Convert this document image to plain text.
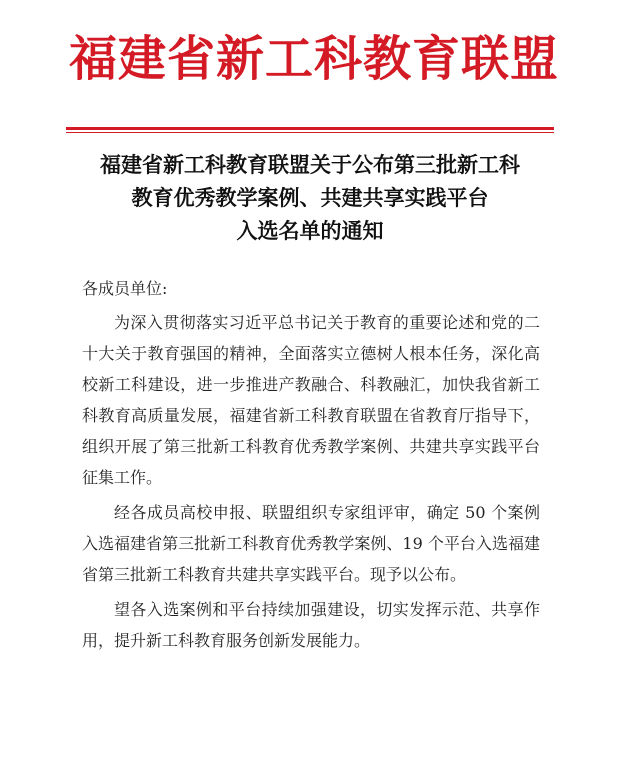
福建省新工科教育联盟
福建省新工科教育联盟关于公布第三批新工科
教育优秀教学案例、共建共享实践平台
入选名单的通知
各成员单位:

为深入贯彻落实习近平总书记关于教育的重要论述和党的二十大关于教育强国的精神，全面落实立德树人根本任务，深化高校新工科建设，进一步推进产教融合、科教融汇，加快我省新工科教育高质量发展，福建省新工科教育联盟在省教育厅指导下，组织开展了第三批新工科教育优秀教学案例、共建共享实践平台征集工作。

经各成员高校申报、联盟组织专家组评审，确定 50 个案例入选福建省第三批新工科教育优秀教学案例、19 个平台入选福建省第三批新工科教育共建共享实践平台。现予以公布。

望各入选案例和平台持续加强建设，切实发挥示范、共享作用，提升新工科教育服务创新发展能力。
